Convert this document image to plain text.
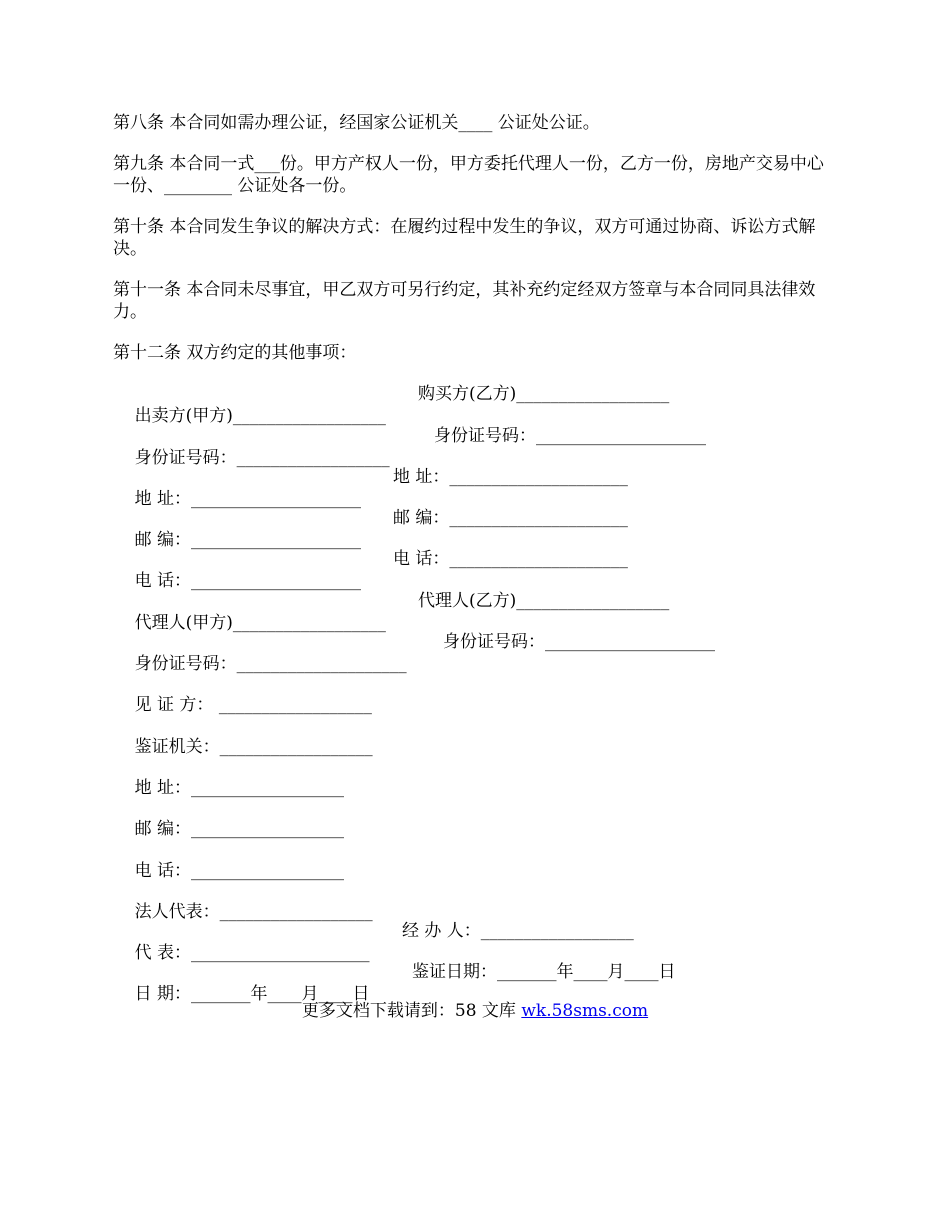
第八条 本合同如需办理公证，经国家公证机关____ 公证处公证。

第九条 本合同一式___份。甲方产权人一份，甲方委托代理人一份，乙方一份，房地产交易中心一份、________ 公证处各一份。

第十条 本合同发生争议的解决方式：在履约过程中发生的争议，双方可通过协商、诉讼方式解决。

第十一条 本合同未尽事宜，甲乙双方可另行约定，其补充约定经双方签章与本合同同具法律效力。

第十二条 双方约定的其他事项：

出卖方(甲方)__________________

购买方(乙方)__________________

身份证号码：__________________

身份证号码：____________________

地 址：____________________

地 址：_____________________

邮 编：____________________

邮 编：_____________________

电 话：____________________

电 话：_____________________

代理人(甲方)__________________

代理人(乙方)__________________

身份证号码：____________________

身份证号码：____________________

见 证 方： __________________

鉴证机关：__________________

地 址：__________________

邮 编：__________________

电 话：__________________

法人代表：__________________

代 表：_____________________

经 办 人：__________________

日 期：_______年____月____日

鉴证日期：_______年____月____日

更多文档下载请到：58 文库 wk.58sms.com
